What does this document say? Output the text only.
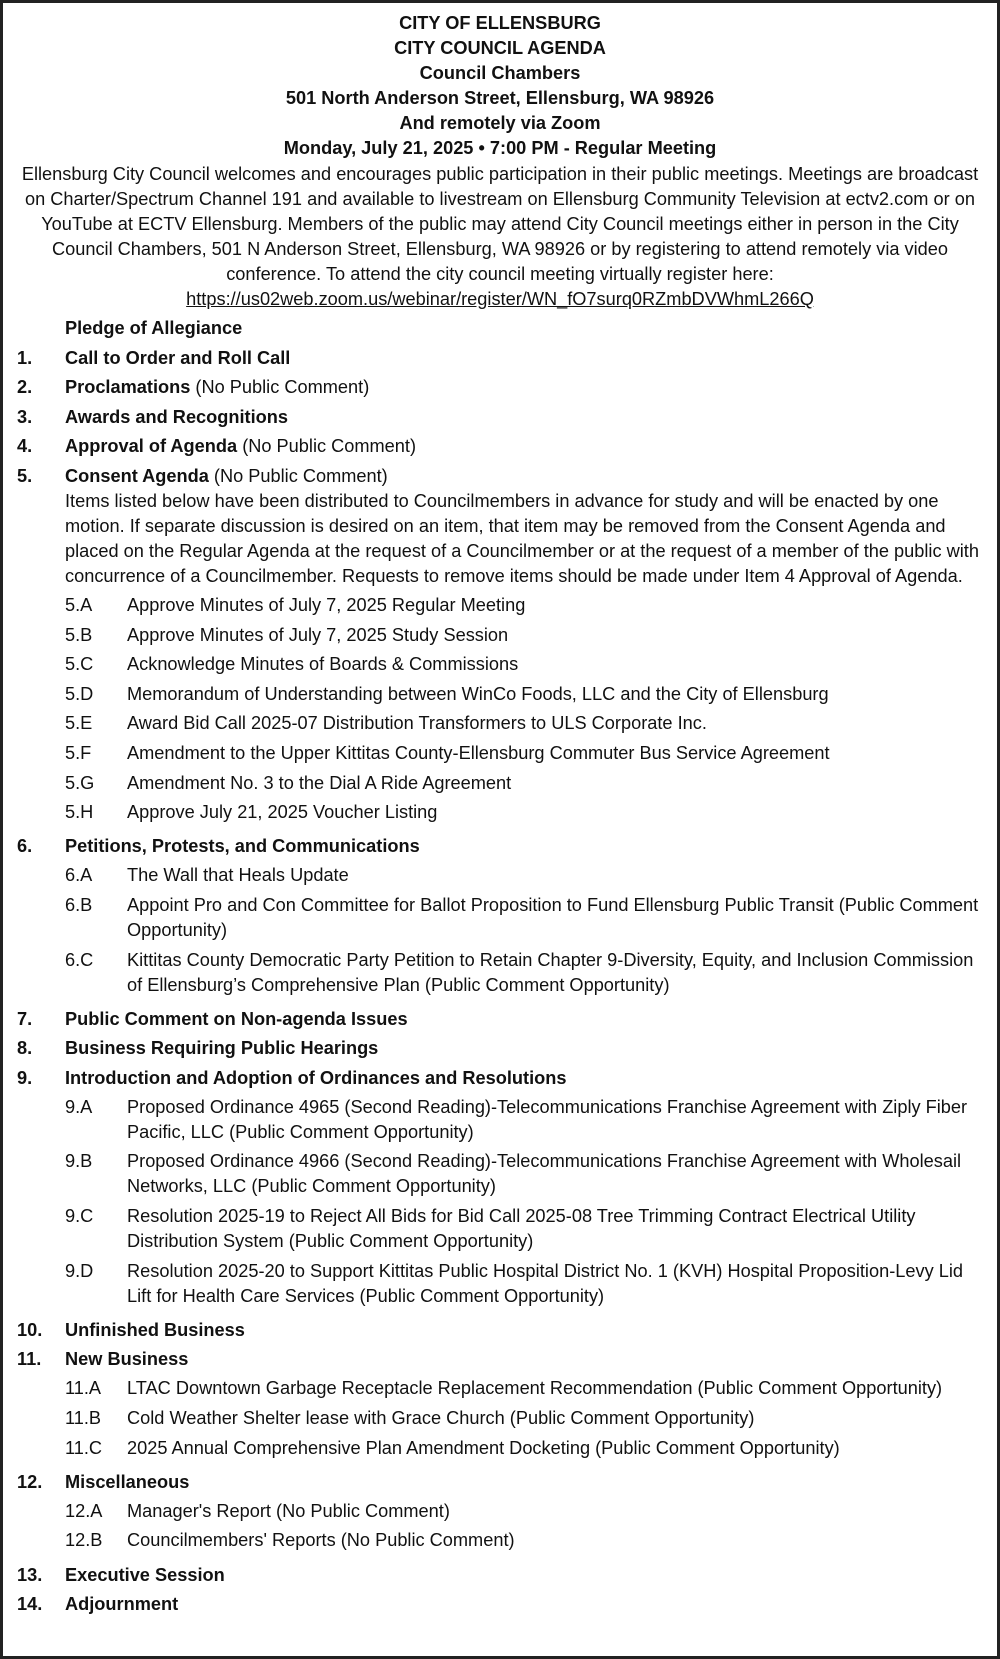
CITY OF ELLENSBURG
CITY COUNCIL AGENDA
Council Chambers
501 North Anderson Street, Ellensburg, WA 98926
And remotely via Zoom
Monday, July 21, 2025 • 7:00 PM - Regular Meeting
Ellensburg City Council welcomes and encourages public participation in their public meetings. Meetings are broadcast on Charter/Spectrum Channel 191 and available to livestream on Ellensburg Community Television at ectv2.com or on YouTube at ECTV Ellensburg. Members of the public may attend City Council meetings either in person in the City Council Chambers, 501 N Anderson Street, Ellensburg, WA 98926 or by registering to attend remotely via video conference. To attend the city council meeting virtually register here: https://us02web.zoom.us/webinar/register/WN_fO7surq0RZmbDVWhmL266Q
Pledge of Allegiance
1.	Call to Order and Roll Call
2.	Proclamations (No Public Comment)
3.	Awards and Recognitions
4.	Approval of Agenda (No Public Comment)
5.	Consent Agenda (No Public Comment)
Items listed below have been distributed to Councilmembers in advance for study and will be enacted by one motion. If separate discussion is desired on an item, that item may be removed from the Consent Agenda and placed on the Regular Agenda at the request of a Councilmember or at the request of a member of the public with concurrence of a Councilmember. Requests to remove items should be made under Item 4 Approval of Agenda.
5.A	Approve Minutes of July 7, 2025 Regular Meeting
5.B	Approve Minutes of July 7, 2025 Study Session
5.C	Acknowledge Minutes of Boards & Commissions
5.D	Memorandum of Understanding between WinCo Foods, LLC and the City of Ellensburg
5.E	Award Bid Call 2025-07 Distribution Transformers to ULS Corporate Inc.
5.F	Amendment to the Upper Kittitas County-Ellensburg Commuter Bus Service Agreement
5.G	Amendment No. 3 to the Dial A Ride Agreement
5.H	Approve July 21, 2025 Voucher Listing
6.	Petitions, Protests, and Communications
6.A	The Wall that Heals Update
6.B	Appoint Pro and Con Committee for Ballot Proposition to Fund Ellensburg Public Transit (Public Comment Opportunity)
6.C	Kittitas County Democratic Party Petition to Retain Chapter 9-Diversity, Equity, and Inclusion Commission of Ellensburg’s Comprehensive Plan (Public Comment Opportunity)
7.	Public Comment on Non-agenda Issues
8.	Business Requiring Public Hearings
9.	Introduction and Adoption of Ordinances and Resolutions
9.A	Proposed Ordinance 4965 (Second Reading)-Telecommunications Franchise Agreement with Ziply Fiber Pacific, LLC (Public Comment Opportunity)
9.B	Proposed Ordinance 4966 (Second Reading)-Telecommunications Franchise Agreement with Wholesail Networks, LLC (Public Comment Opportunity)
9.C	Resolution 2025-19 to Reject All Bids for Bid Call 2025-08 Tree Trimming Contract Electrical Utility Distribution System (Public Comment Opportunity)
9.D	Resolution 2025-20 to Support Kittitas Public Hospital District No. 1 (KVH) Hospital Proposition-Levy Lid Lift for Health Care Services (Public Comment Opportunity)
10.	Unfinished Business
11.	New Business
11.A	LTAC Downtown Garbage Receptacle Replacement Recommendation (Public Comment Opportunity)
11.B	Cold Weather Shelter lease with Grace Church (Public Comment Opportunity)
11.C	2025 Annual Comprehensive Plan Amendment Docketing (Public Comment Opportunity)
12.	Miscellaneous
12.A	Manager's Report (No Public Comment)
12.B	Councilmembers' Reports (No Public Comment)
13.	Executive Session
14.	Adjournment
